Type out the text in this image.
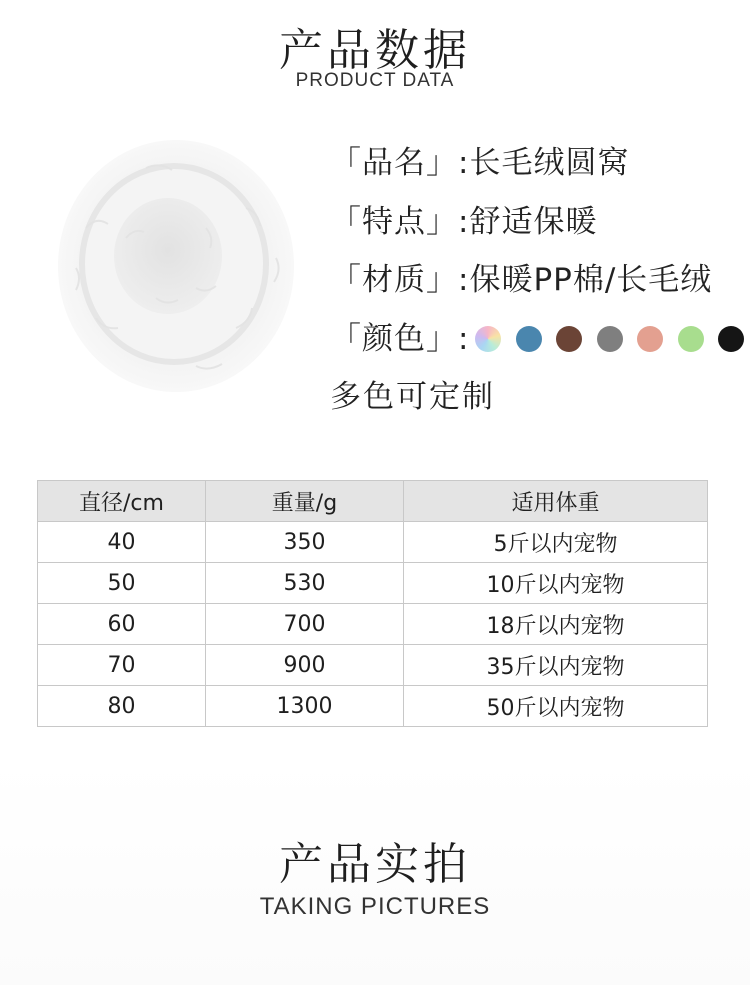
产品数据
PRODUCT DATA
「品名」 :长毛绒圆窝
「特点」 :舒适保暖
「材质」 :保暖PP棉/长毛绒
「颜色」 :
多色可定制
直径/cm	重量/g	适用体重
40	350	5斤以内宠物
50	530	10斤以内宠物
60	700	18斤以内宠物
70	900	35斤以内宠物
80	1300	50斤以内宠物
产品实拍
TAKING PICTURES
